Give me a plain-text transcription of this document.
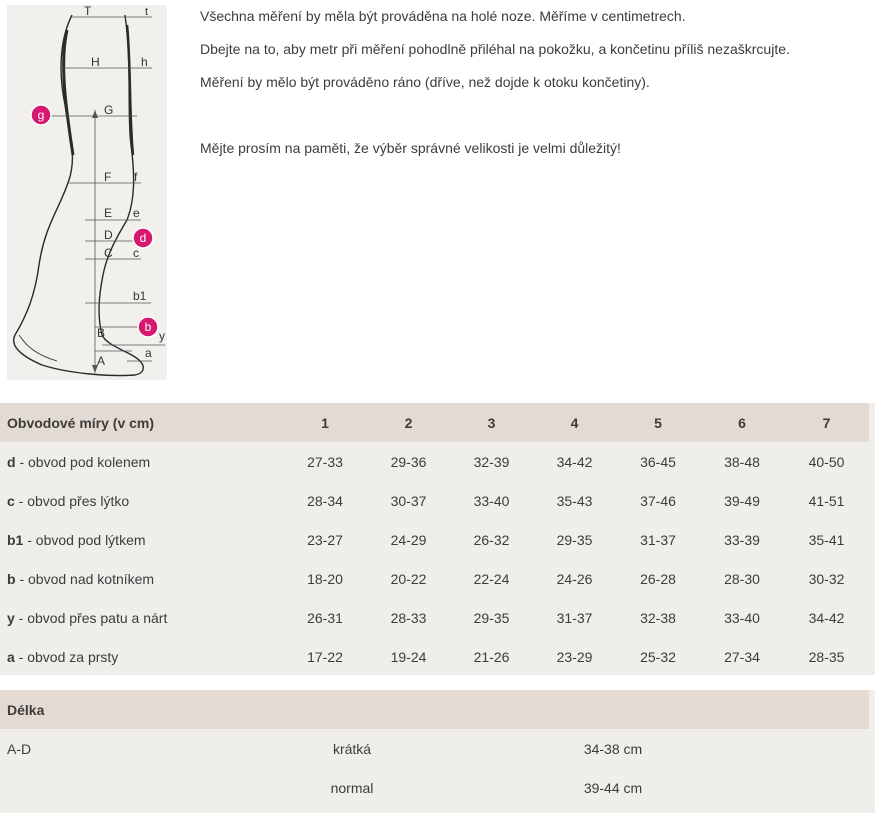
T
H
G
F
E
D
C
B
A
t
h
f
e
c
b1
y
a
g
d
b

Všechna měření by měla být prováděna na holé noze. Měříme v centimetrech.

Dbejte na to, aby metr při měření pohodlně přiléhal na pokožku, a končetinu příliš nezaškrcujte.

Měření by mělo být prováděno ráno (dříve, než dojde k otoku končetiny).

Mějte prosím na paměti, že výběr správné velikosti je velmi důležitý!

Obvodové míry (v cm)	1	2	3	4	5	6	7
d - obvod pod kolenem	27-33	29-36	32-39	34-42	36-45	38-48	40-50
c - obvod přes lýtko	28-34	30-37	33-40	35-43	37-46	39-49	41-51
b1 - obvod pod lýtkem	23-27	24-29	26-32	29-35	31-37	33-39	35-41
b - obvod nad kotníkem	18-20	20-22	22-24	24-26	26-28	28-30	30-32
y - obvod přes patu a nárt	26-31	28-33	29-35	31-37	32-38	33-40	34-42
a - obvod za prsty	17-22	19-24	21-26	23-29	25-32	27-34	28-35
Délka		
A-D	krátká	34-38 cm
	normal	39-44 cm
